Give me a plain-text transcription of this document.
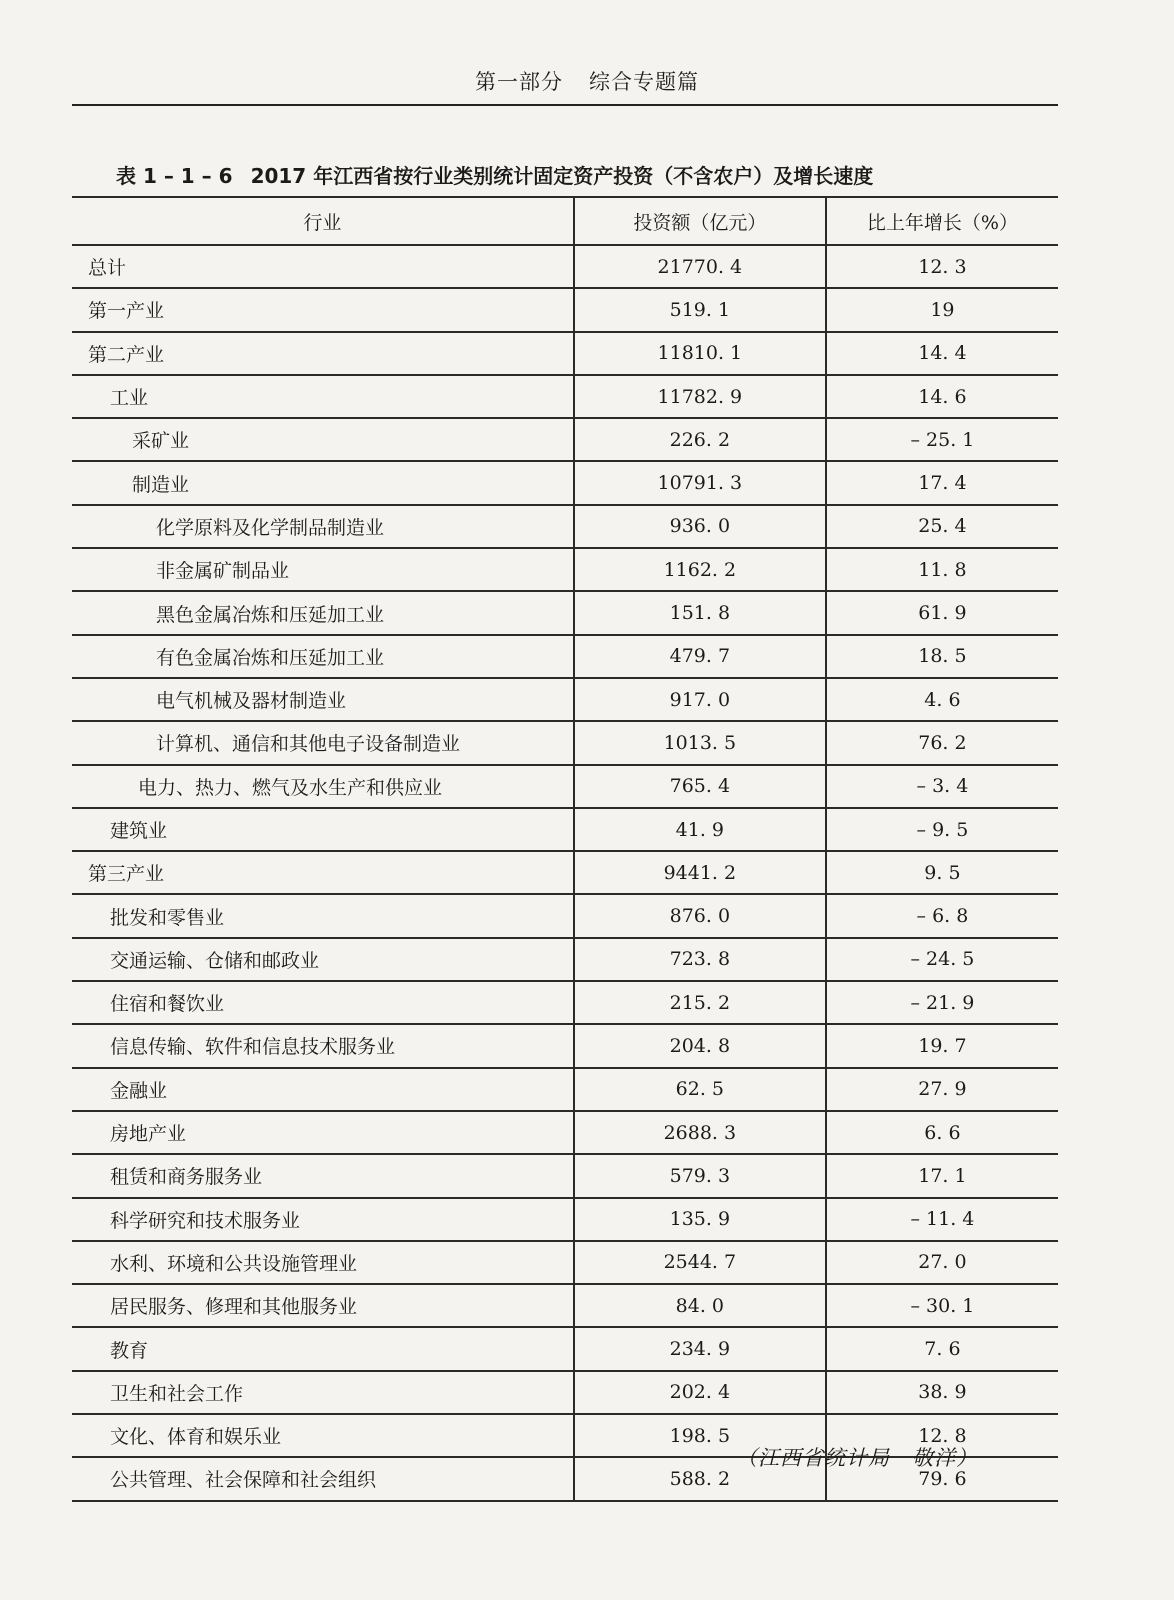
第一部分 综合专题篇
表 1 – 1 – 6 2017 年江西省按行业类别统计固定资产投资（不含农户）及增长速度
行业	投资额（亿元）	比上年增长（%）
总计	21770. 4	12. 3
第一产业	519. 1	19
第二产业	11810. 1	14. 4
工业	11782. 9	14. 6
采矿业	226. 2	– 25. 1
制造业	10791. 3	17. 4
化学原料及化学制品制造业	936. 0	25. 4
非金属矿制品业	1162. 2	11. 8
黑色金属冶炼和压延加工业	151. 8	61. 9
有色金属冶炼和压延加工业	479. 7	18. 5
电气机械及器材制造业	917. 0	4. 6
计算机、通信和其他电子设备制造业	1013. 5	76. 2
电力、热力、燃气及水生产和供应业	765. 4	– 3. 4
建筑业	41. 9	– 9. 5
第三产业	9441. 2	9. 5
批发和零售业	876. 0	– 6. 8
交通运输、仓储和邮政业	723. 8	– 24. 5
住宿和餐饮业	215. 2	– 21. 9
信息传输、软件和信息技术服务业	204. 8	19. 7
金融业	62. 5	27. 9
房地产业	2688. 3	6. 6
租赁和商务服务业	579. 3	17. 1
科学研究和技术服务业	135. 9	– 11. 4
水利、环境和公共设施管理业	2544. 7	27. 0
居民服务、修理和其他服务业	84. 0	– 30. 1
教育	234. 9	7. 6
卫生和社会工作	202. 4	38. 9
文化、体育和娱乐业	198. 5	12. 8
公共管理、社会保障和社会组织	588. 2	79. 6
（江西省统计局 敬洋）
